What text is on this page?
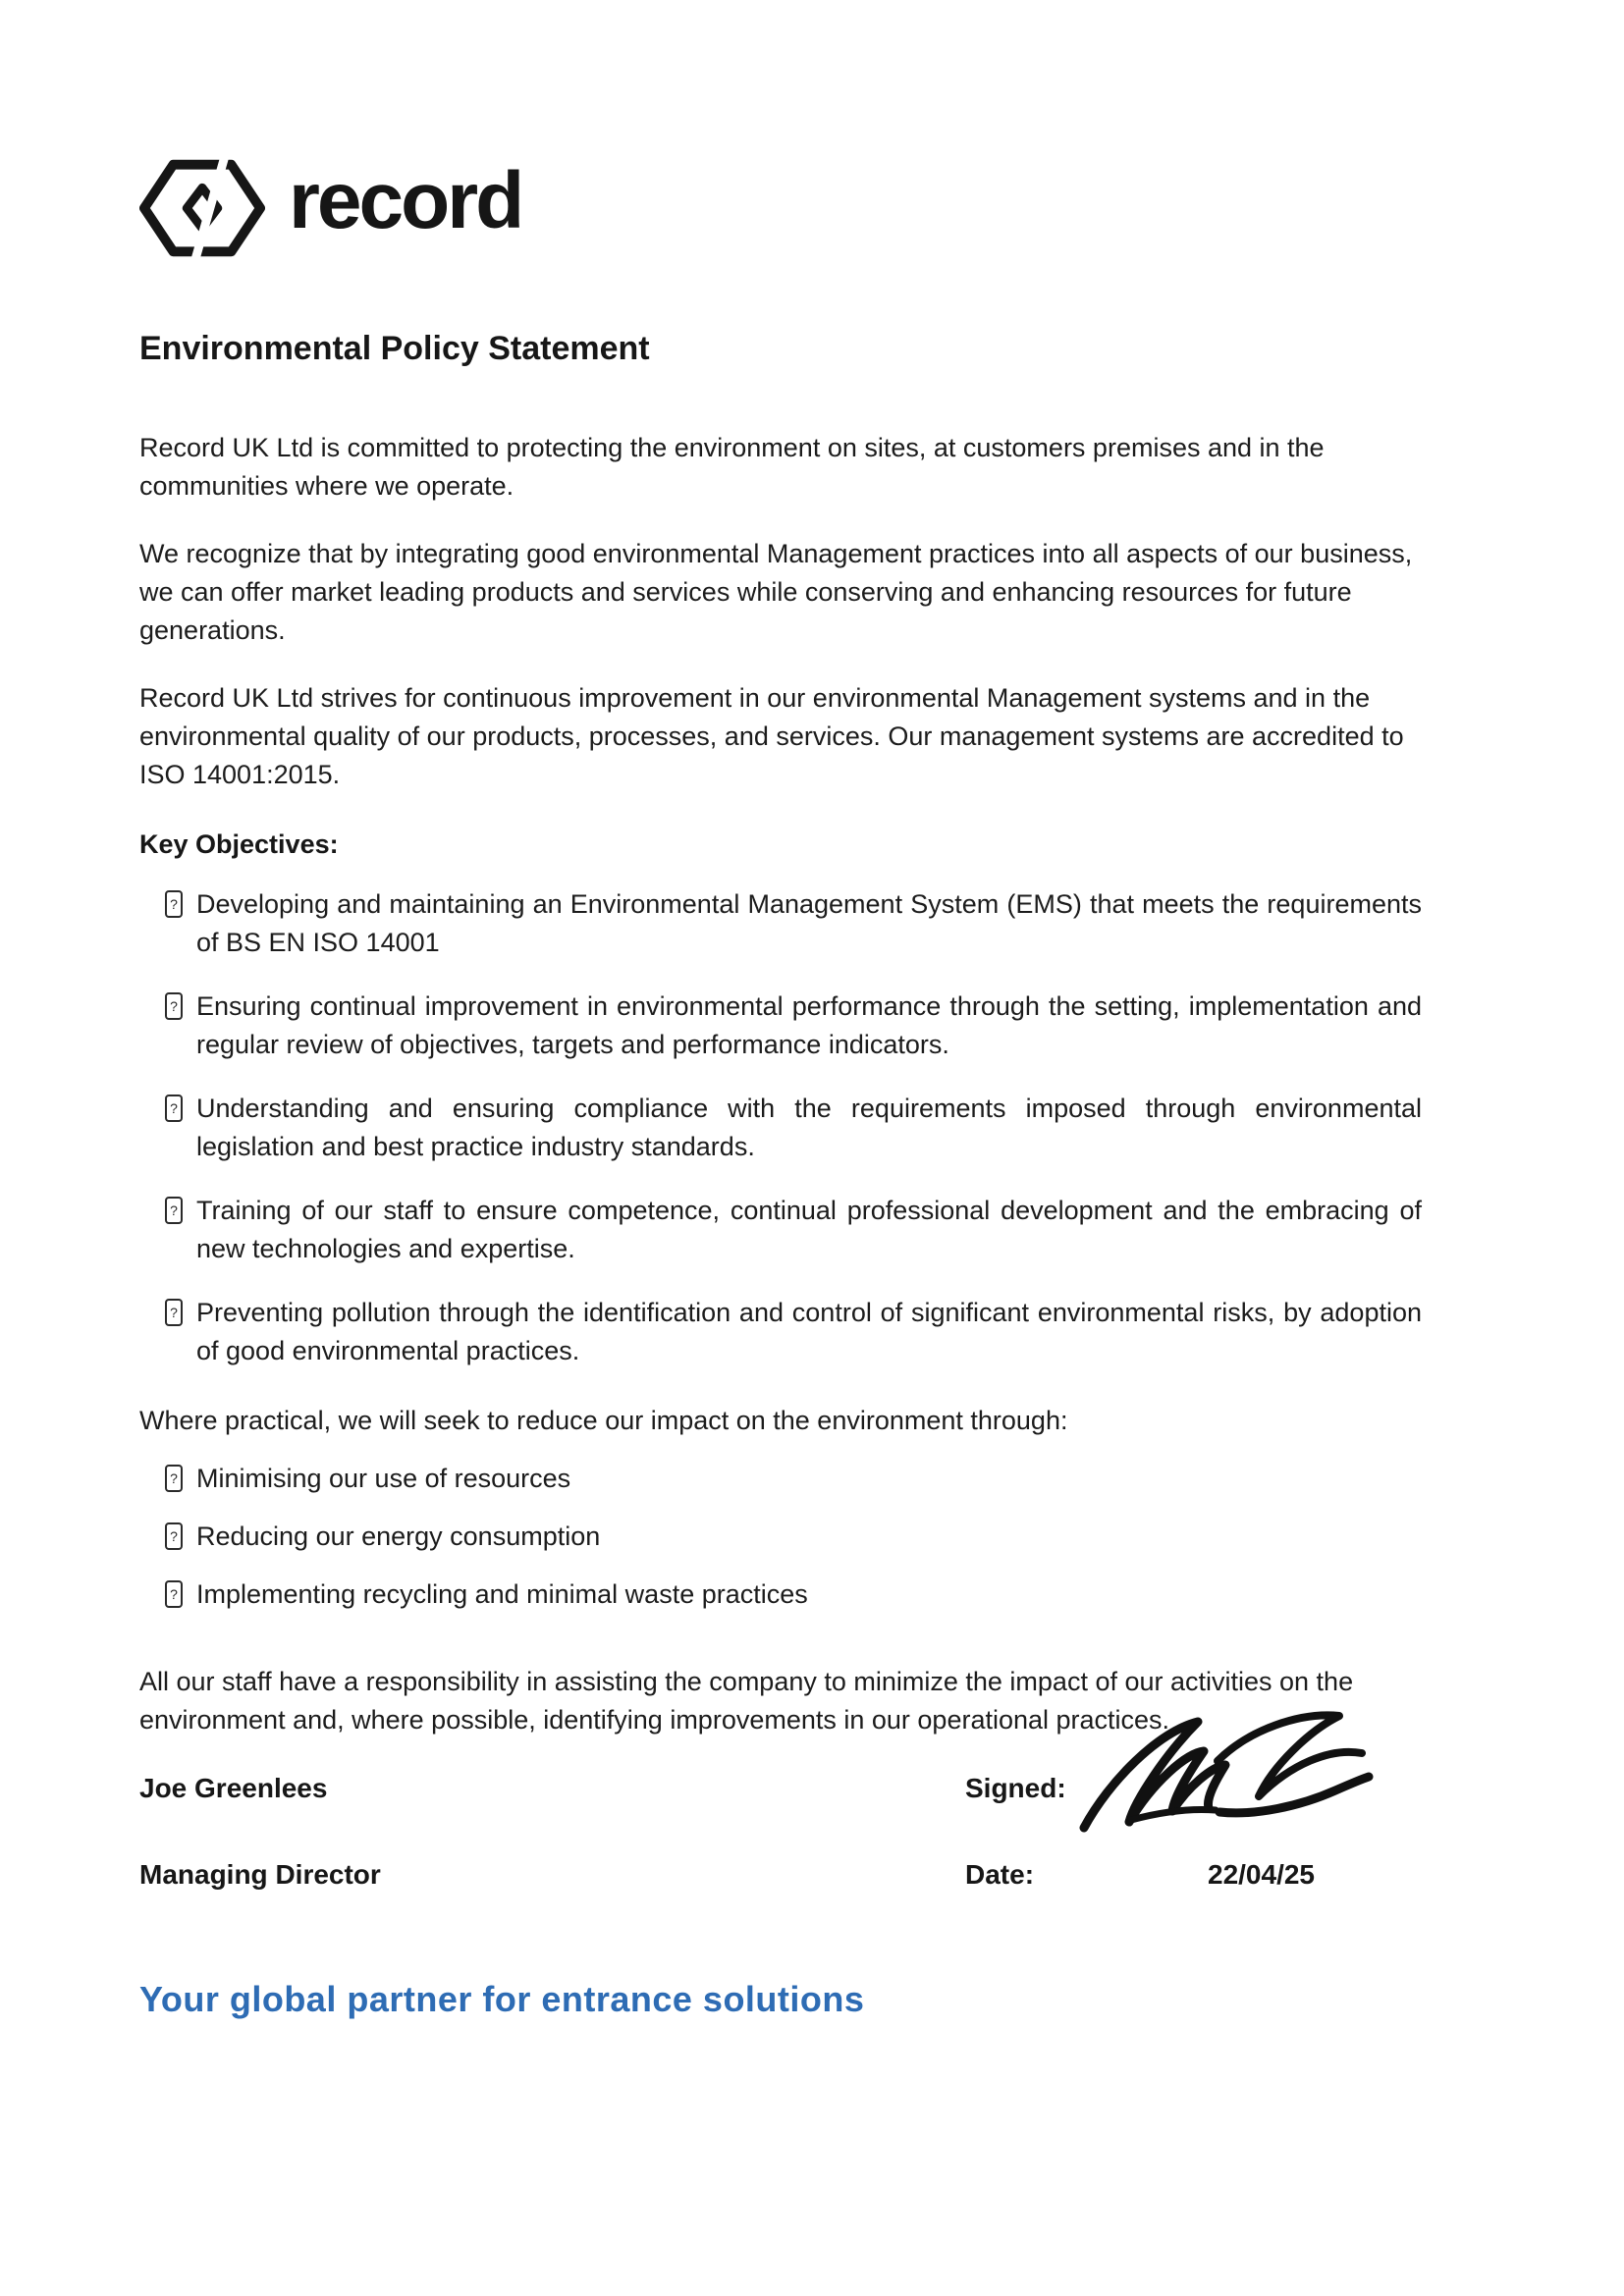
record
Environmental Policy Statement

Record UK Ltd is committed to protecting the environment on sites, at customers premises and in the communities where we operate.

We recognize that by integrating good environmental Management practices into all aspects of our business, we can offer market leading products and services while conserving and enhancing resources for future generations.

Record UK Ltd strives for continuous improvement in our environmental Management systems and in the environmental quality of our products, processes, and services. Our management systems are accredited to ISO 14001:2015.

Key Objectives:
? Developing and maintaining an Environmental Management System (EMS) that meets the requirements of BS EN ISO 14001
? Ensuring continual improvement in environmental performance through the setting, implementation and regular review of objectives, targets and performance indicators.
? Understanding and ensuring compliance with the requirements imposed through environmental legislation and best practice industry standards.
? Training of our staff to ensure competence, continual professional development and the embracing of new technologies and expertise.
? Preventing pollution through the identification and control of significant environmental risks, by adoption of good environmental practices.

Where practical, we will seek to reduce our impact on the environment through:

? Minimising our use of resources
? Reducing our energy consumption
? Implementing recycling and minimal waste practices

All our staff have a responsibility in assisting the company to minimize the impact of our activities on the environment and, where possible, identifying improvements in our operational practices.

Joe Greenlees	Signed:
Managing Director	Date:	22/04/25
Your global partner for entrance solutions
